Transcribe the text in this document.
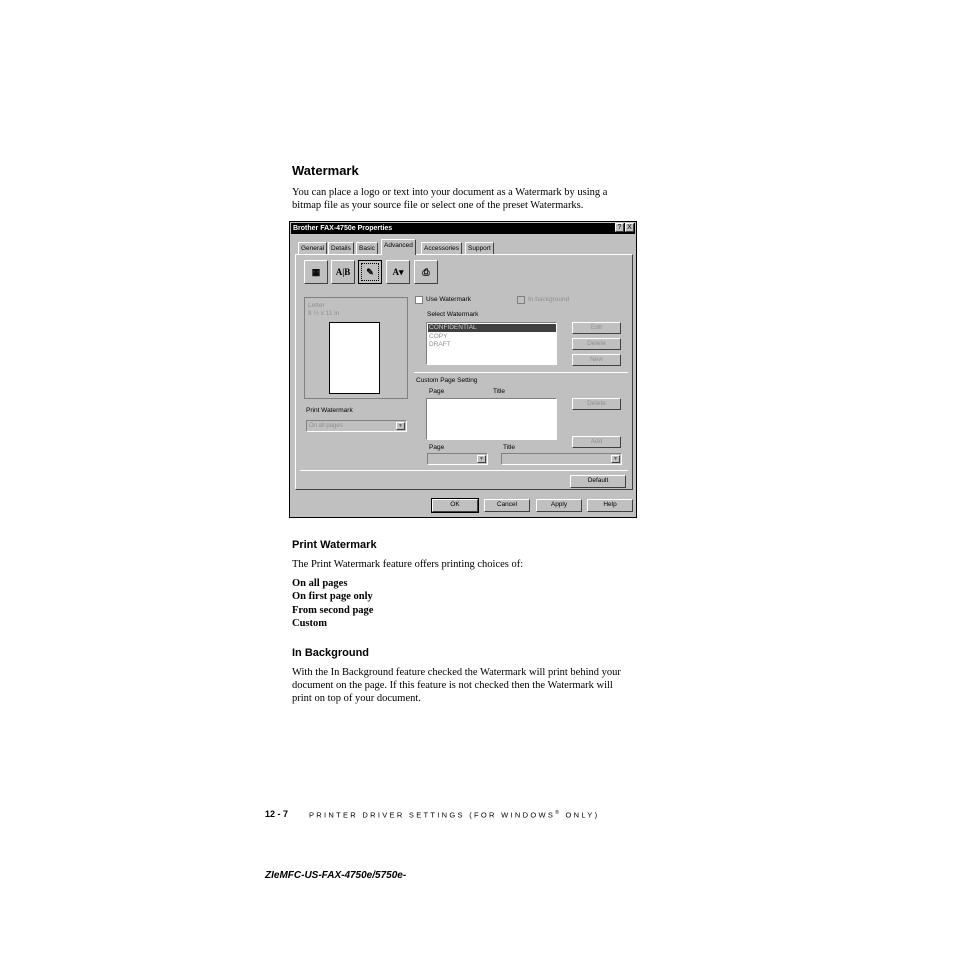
Watermark
You can place a logo or text into your document as a Watermark by using a
bitmap file as your source file or select one of the preset Watermarks.
Brother FAX-4750e Properties	? X
General	Details	Basic	Advanced	Accessories	Support
▦	A|B	✎	A▾	⎙
Letter
8 ½ x 11 in
Print Watermark
On all pages	▼
Use Watermark	In background
Select Watermark
CONFIDENTIAL
COPY
DRAFT
Edit
Delete
New
Custom Page Setting
Page	Title
Delete
Add
Page	Title
▼	▼
Default
OK	Cancel	Apply	Help
Print Watermark
The Print Watermark feature offers printing choices of:
On all pages
On first page only
From second page
Custom
In Background
With the In Background feature checked the Watermark will print behind your
document on the page. If this feature is not checked then the Watermark will
print on top of your document.
12 - 7	PRINTER DRIVER SETTINGS (FOR WINDOWS® ONLY)
ZIeMFC-US-FAX-4750e/5750e-
